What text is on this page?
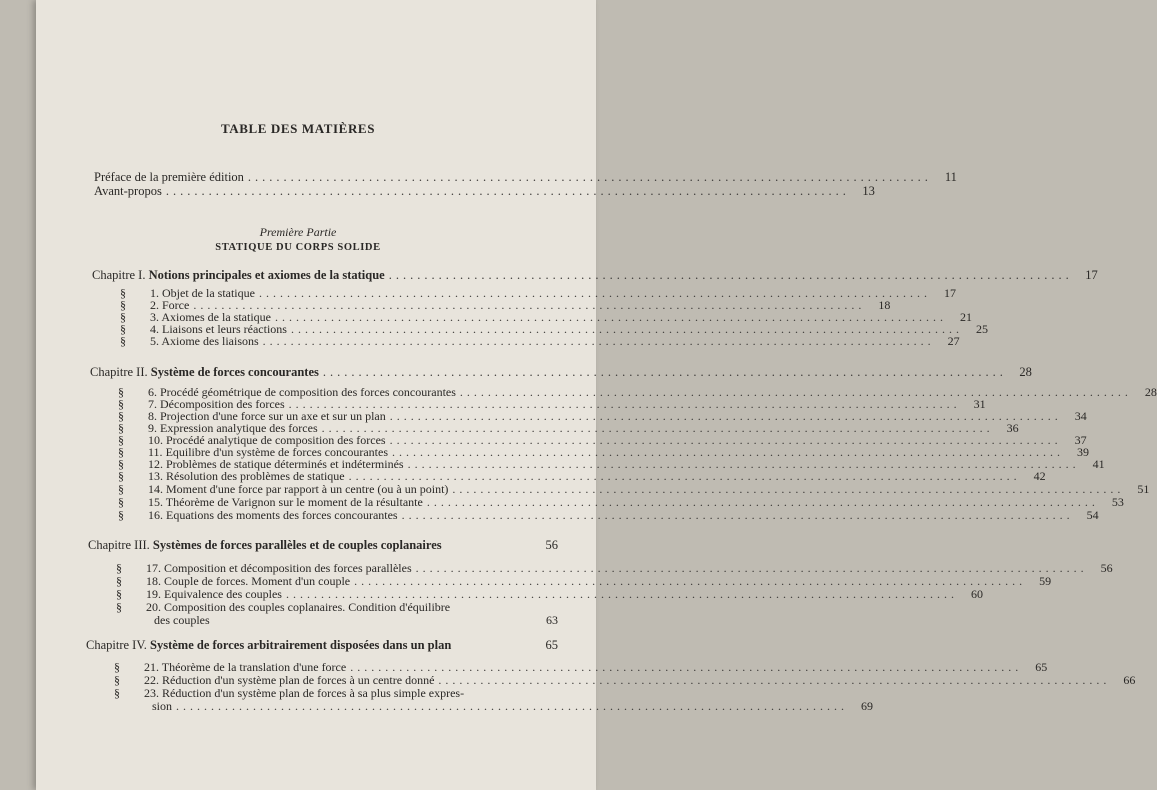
TABLE DES MATIÈRES
Préface de la première édition ................................................................................................	11
Avant-propos ................................................................................................	13
Première Partie
STATIQUE DU CORPS SOLIDE
Chapitre I. Notions principales et axiomes de la statique ................................................................................................	17
§ 1. Objet de la statique ................................................................................................	17
§ 2. Force ................................................................................................	18
§ 3. Axiomes de la statique ................................................................................................	21
§ 4. Liaisons et leurs réactions ................................................................................................	25
§ 5. Axiome des liaisons ................................................................................................	27
Chapitre II. Système de forces concourantes ................................................................................................	28
§ 6. Procédé géométrique de composition des forces concourantes ................................................................................................	28
§ 7. Décomposition des forces ................................................................................................	31
§ 8. Projection d'une force sur un axe et sur un plan ................................................................................................	34
§ 9. Expression analytique des forces ................................................................................................	36
§ 10. Procédé analytique de composition des forces ................................................................................................	37
§ 11. Equilibre d'un système de forces concourantes ................................................................................................	39
§ 12. Problèmes de statique déterminés et indéterminés ................................................................................................	41
§ 13. Résolution des problèmes de statique ................................................................................................	42
§ 14. Moment d'une force par rapport à un centre (ou à un point) ................................................................................................	51
§ 15. Théorème de Varignon sur le moment de la résultante ................................................................................................	53
§ 16. Equations des moments des forces concourantes ................................................................................................	54
Chapitre III. Systèmes de forces parallèles et de couples coplanaires	56
§ 17. Composition et décomposition des forces parallèles ................................................................................................	56
§ 18. Couple de forces. Moment d'un couple ................................................................................................	59
§ 19. Equivalence des couples ................................................................................................	60
§ 20. Composition des couples coplanaires. Condition d'équilibre
des couples	63
Chapitre IV. Système de forces arbitrairement disposées dans un plan	65
§ 21. Théorème de la translation d'une force ................................................................................................	65
§ 22. Réduction d'un système plan de forces à un centre donné ................................................................................................	66
§ 23. Réduction d'un système plan de forces à sa plus simple expres-
sion ................................................................................................	69
